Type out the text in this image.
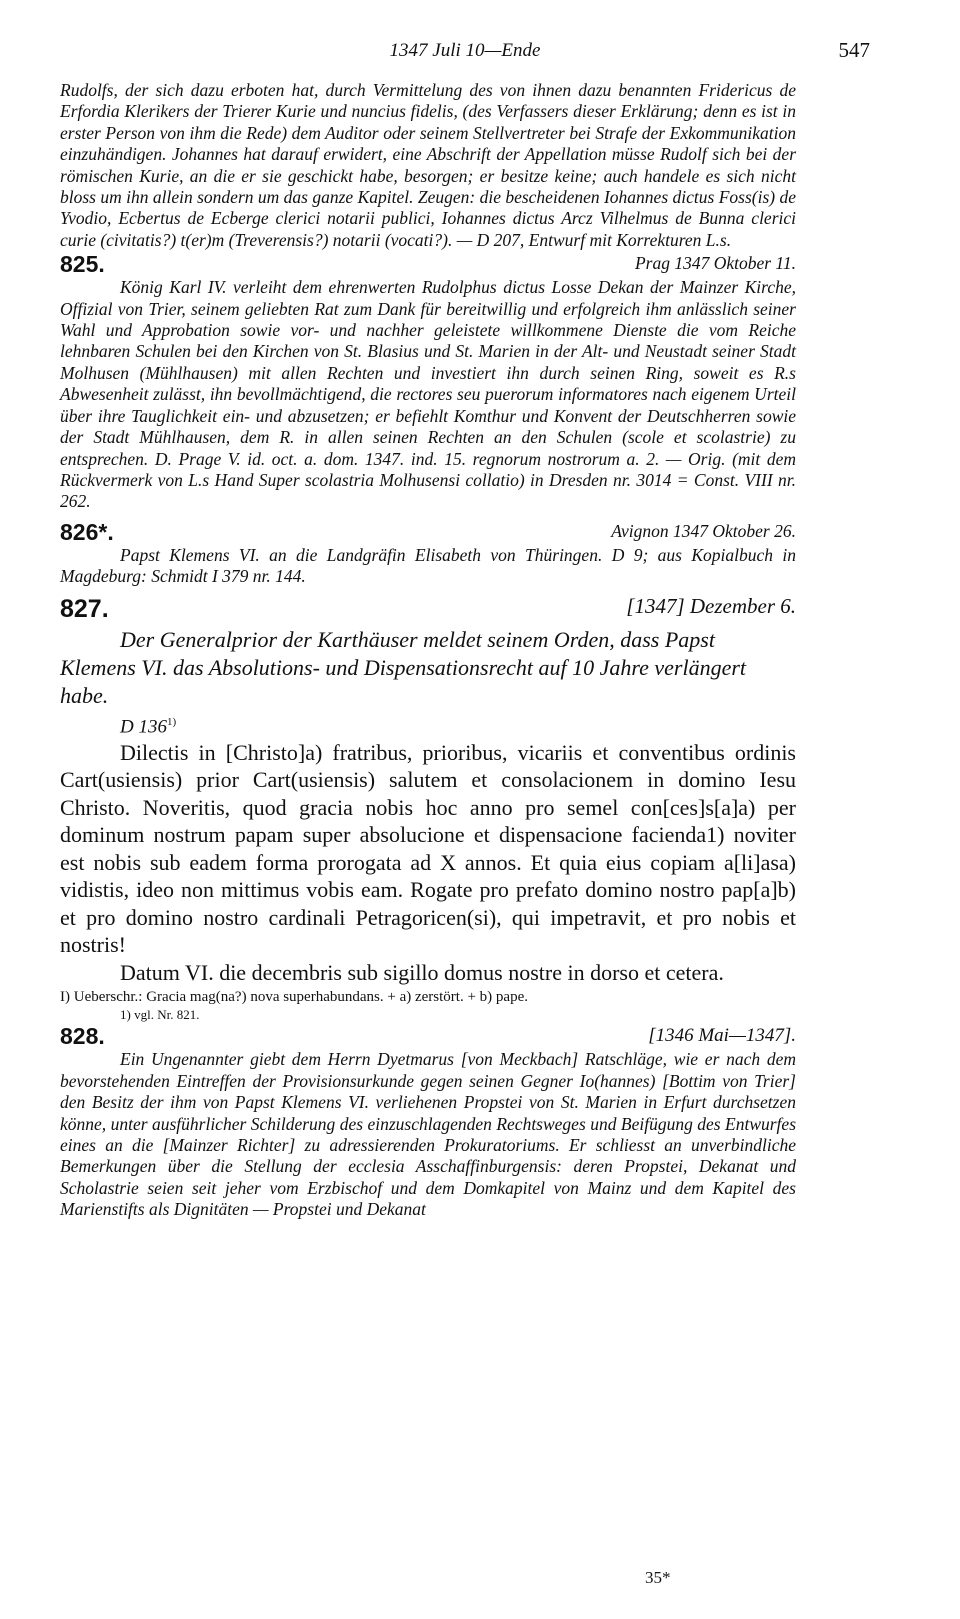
1347 Juli 10—Ende	547

Rudolfs, der sich dazu erboten hat, durch Vermittelung des von ihnen dazu benannten Fridericus de Erfordia Klerikers der Trierer Kurie und nuncius fidelis, (des Verfassers dieser Erklärung; denn es ist in erster Person von ihm die Rede) dem Auditor oder seinem Stellvertreter bei Strafe der Exkommunikation einzuhändigen. Johannes hat darauf erwidert, eine Abschrift der Appellation müsse Rudolf sich bei der römischen Kurie, an die er sie geschickt habe, besorgen; er besitze keine; auch handele es sich nicht bloss um ihn allein sondern um das ganze Kapitel. Zeugen: die bescheidenen Iohannes dictus Foss(is) de Yvodio, Ecbertus de Ecberge clerici notarii publici, Iohannes dictus Arcz Vilhelmus de Bunna clerici curie (civitatis?) t(er)m (Treverensis?) notarii (vocati?). — D 207, Entwurf mit Korrekturen L.s.

825.	Prag 1347 Oktober 11.

König Karl IV. verleiht dem ehrenwerten Rudolphus dictus Losse Dekan der Mainzer Kirche, Offizial von Trier, seinem geliebten Rat zum Dank für bereitwillig und erfolgreich ihm anlässlich seiner Wahl und Approbation sowie vor- und nachher geleistete willkommene Dienste die vom Reiche lehnbaren Schulen bei den Kirchen von St. Blasius und St. Marien in der Alt- und Neustadt seiner Stadt Molhusen (Mühlhausen) mit allen Rechten und investiert ihn durch seinen Ring, soweit es R.s Abwesenheit zulässt, ihn bevollmächtigend, die rectores seu puerorum informatores nach eigenem Urteil über ihre Tauglichkeit ein- und abzusetzen; er befiehlt Komthur und Konvent der Deutschherren sowie der Stadt Mühlhausen, dem R. in allen seinen Rechten an den Schulen (scole et scolastrie) zu entsprechen. D. Prage V. id. oct. a. dom. 1347. ind. 15. regnorum nostrorum a. 2. — Orig. (mit dem Rückvermerk von L.s Hand Super scolastria Molhusensi collatio) in Dresden nr. 3014 = Const. VIII nr. 262.

826*.	Avignon 1347 Oktober 26.

Papst Klemens VI. an die Landgräfin Elisabeth von Thüringen. D 9; aus Kopialbuch in Magdeburg: Schmidt I 379 nr. 144.

827.	[1347] Dezember 6.

Der Generalprior der Karthäuser meldet seinem Orden, dass Papst Klemens VI. das Absolutions- und Dispensationsrecht auf 10 Jahre verlängert habe.

D 136$^{1)}$

Dilectis in [Christo]a) fratribus, prioribus, vicariis et conventibus ordinis Cart(usiensis) prior Cart(usiensis) salutem et consolacionem in domino Iesu Christo. Noveritis, quod gracia nobis hoc anno pro semel con[ces]s[a]a) per dominum nostrum papam super absolucione et dispensacione facienda1) noviter est nobis sub eadem forma prorogata ad X annos. Et quia eius copiam a[li]asa) vidistis, ideo non mittimus vobis eam. Rogate pro prefato domino nostro pap[a]b) et pro domino nostro cardinali Petragoricen(si), qui impetravit, et pro nobis et nostris!

Datum VI. die decembris sub sigillo domus nostre in dorso et cetera.

I) Ueberschr.: Gracia mag(na?) nova superhabundans. + a) zerstört. + b) pape.

1) vgl. Nr. 821.

828.	[1346 Mai—1347].

Ein Ungenannter giebt dem Herrn Dyetmarus [von Meckbach] Ratschläge, wie er nach dem bevorstehenden Eintreffen der Provisionsurkunde gegen seinen Gegner Io(hannes) [Bottim von Trier] den Besitz der ihm von Papst Klemens VI. verliehenen Propstei von St. Marien in Erfurt durchsetzen könne, unter ausführlicher Schilderung des einzuschlagenden Rechtsweges und Beifügung des Entwurfes eines an die [Mainzer Richter] zu adressierenden Prokuratoriums. Er schliesst an unverbindliche Bemerkungen über die Stellung der ecclesia Asschaffinburgensis: deren Propstei, Dekanat und Scholastrie seien seit jeher vom Erzbischof und dem Domkapitel von Mainz und dem Kapitel des Marienstifts als Dignitäten — Propstei und Dekanat

35*
